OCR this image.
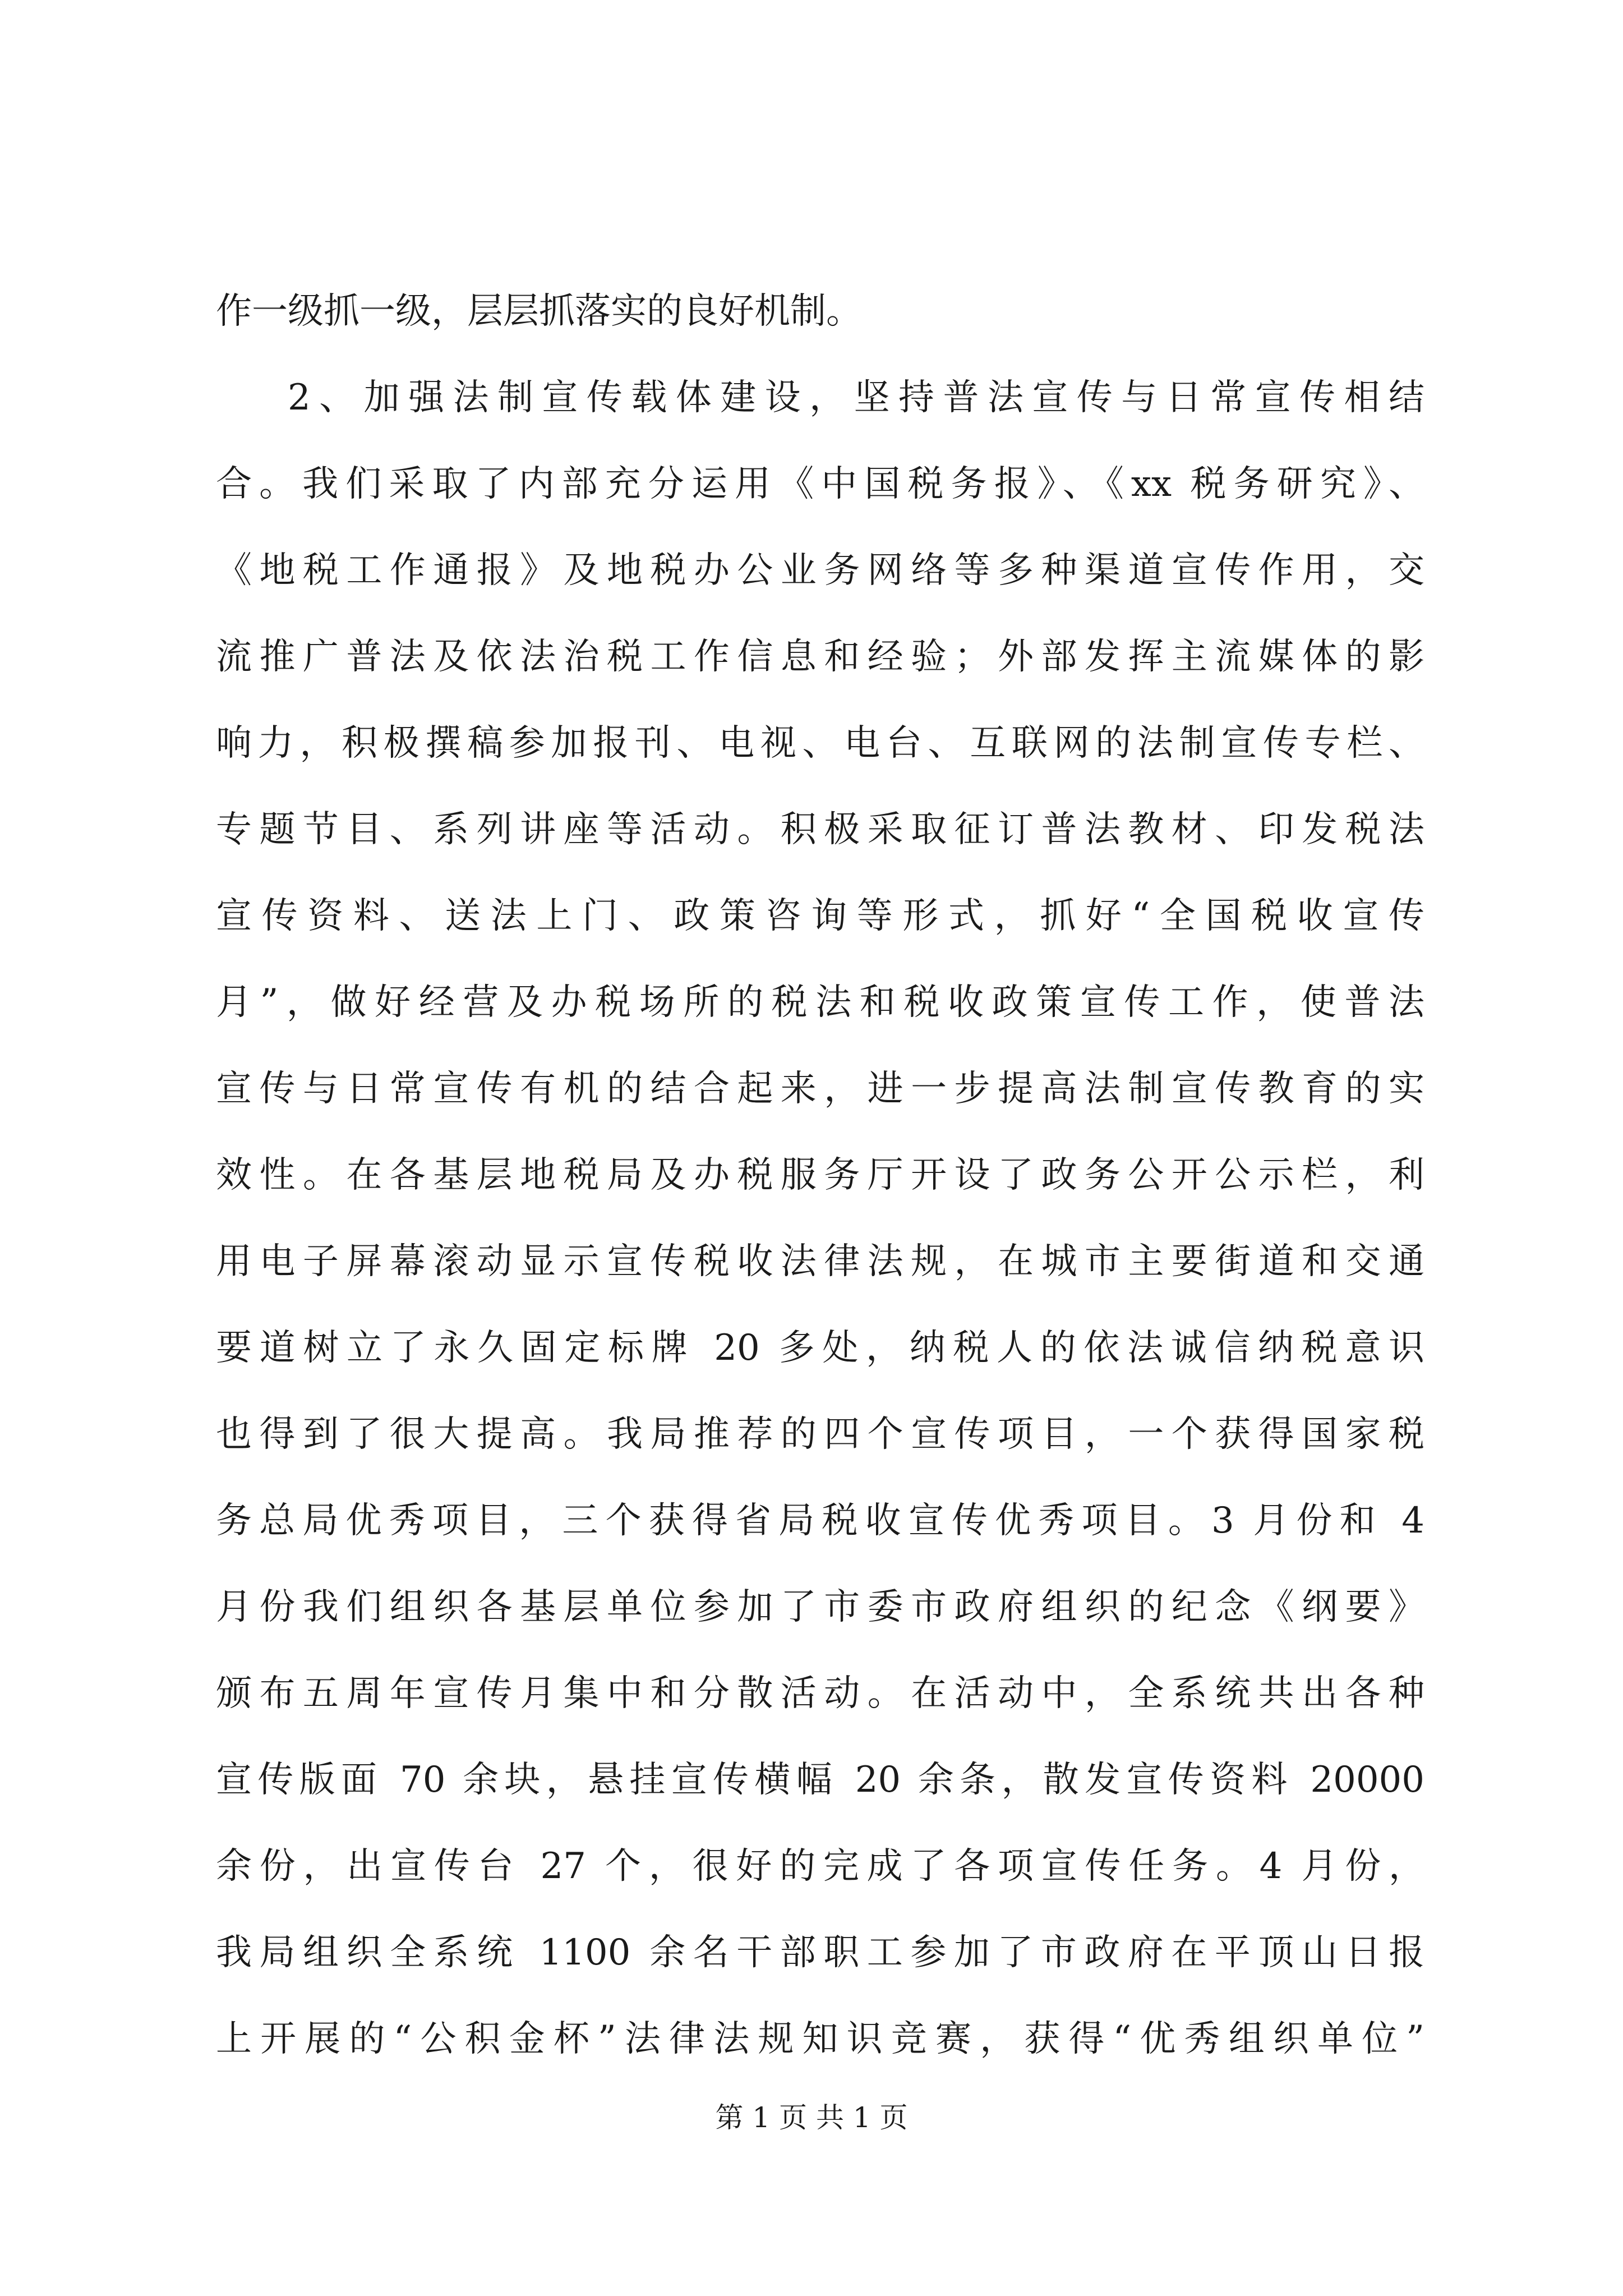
作一级抓一级，层层抓落实的良好机制。
2、加强法制宣传载体建设，坚持普法宣传与日常宣传相结
合。我们采取了内部充分运用《中国税务报》、《xx 税务研究》、
《地税工作通报》及地税办公业务网络等多种渠道宣传作用，交
流推广普法及依法治税工作信息和经验；外部发挥主流媒体的影
响力，积极撰稿参加报刊、电视、电台、互联网的法制宣传专栏、
专题节目、系列讲座等活动。积极采取征订普法教材、印发税法
宣传资料、送法上门、政策咨询等形式，抓好“全国税收宣传
月”，做好经营及办税场所的税法和税收政策宣传工作，使普法
宣传与日常宣传有机的结合起来，进一步提高法制宣传教育的实
效性。在各基层地税局及办税服务厅开设了政务公开公示栏，利
用电子屏幕滚动显示宣传税收法律法规，在城市主要街道和交通
要道树立了永久固定标牌 20 多处，纳税人的依法诚信纳税意识
也得到了很大提高。我局推荐的四个宣传项目，一个获得国家税
务总局优秀项目，三个获得省局税收宣传优秀项目。3 月份和 4
月份我们组织各基层单位参加了市委市政府组织的纪念《纲要》
颁布五周年宣传月集中和分散活动。在活动中，全系统共出各种
宣传版面 70 余块，悬挂宣传横幅 20 余条，散发宣传资料 20000
余份，出宣传台 27 个，很好的完成了各项宣传任务。4 月份，
我局组织全系统 1100 余名干部职工参加了市政府在平顶山日报
上开展的“公积金杯”法律法规知识竞赛，获得“优秀组织单位”
第 1 页 共 1 页
